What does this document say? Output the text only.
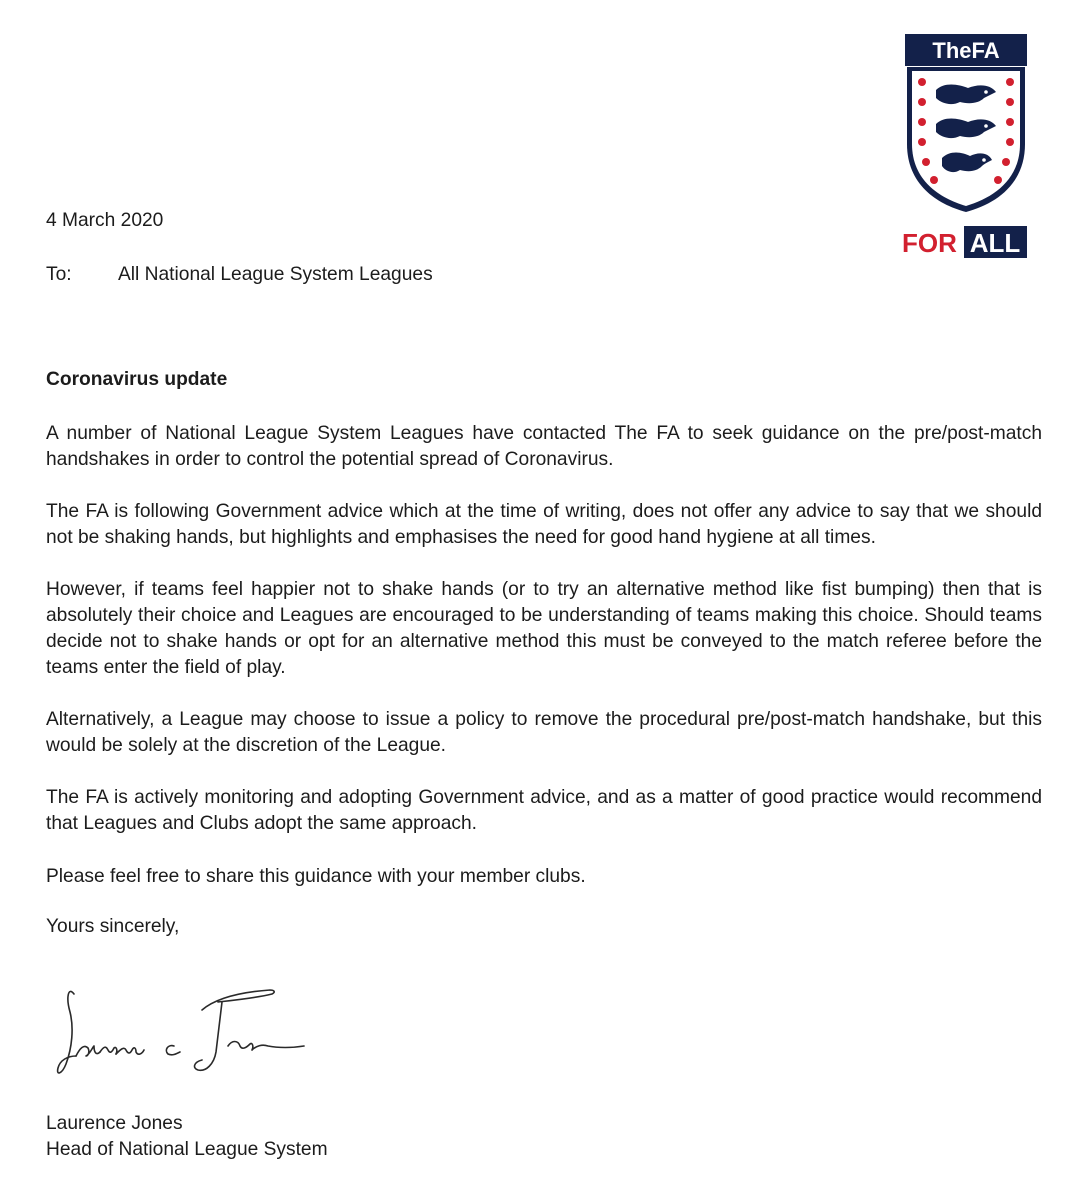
TheFA
FOR ALL

4 March 2020

To: All National League System Leagues

Coronavirus update

A number of National League System Leagues have contacted The FA to seek guidance on the pre/post-match handshakes in order to control the potential spread of Coronavirus.

The FA is following Government advice which at the time of writing, does not offer any advice to say that we should not be shaking hands, but highlights and emphasises the need for good hand hygiene at all times.

However, if teams feel happier not to shake hands (or to try an alternative method like fist bumping) then that is absolutely their choice and Leagues are encouraged to be understanding of teams making this choice. Should teams decide not to shake hands or opt for an alternative method this must be conveyed to the match referee before the teams enter the field of play.

Alternatively, a League may choose to issue a policy to remove the procedural pre/post-match handshake, but this would be solely at the discretion of the League.

The FA is actively monitoring and adopting Government advice, and as a matter of good practice would recommend that Leagues and Clubs adopt the same approach.

Please feel free to share this guidance with your member clubs.

Yours sincerely,

Laurence Jones

Head of National League System
